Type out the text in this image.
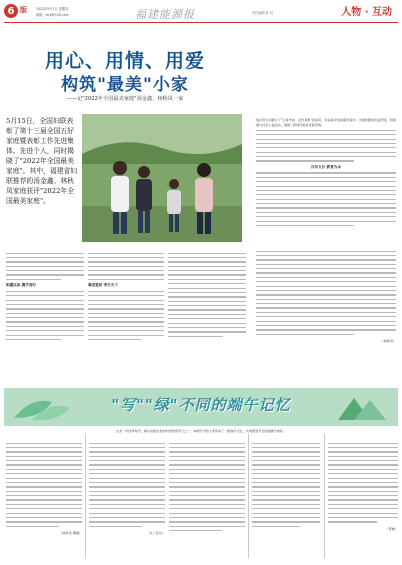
6 版	2022年9月1日 星期四
邮箱：fzrb@126.com	福建能源报	责任编辑 张 仪	人物 · 互动
用心、用情、用爱
构筑"最美"小家
——记"2022年全国最美家庭"汤金鑫、林秋凤一家

5月15日，全国妇联表彰了第十三届全国五好家庭暨表彰工作先进集体、先进个人，同时揭晓了"2022年全国最美家庭"。其中，福建省妇联推荐的汤金鑫、林秋凤家庭获评"2022年全国最美家庭"。

他们用行动践行了"以身作则、言传身教"的家风，在家庭中发扬尊老爱幼、夫妻和睦的优良传统，积极参与社会公益活动，展现了新时代美好家庭风貌。

百年大计 教育为本
相濡以沫 携手同行	尊老爱幼 孝行天下
（林秋凤）
"写""绿"不同的端午记忆
文友一年四季有约，端午是最古老的中国传统节日之一。本期专刊给大家带来了一组端午记忆，共同感受节日的温暖与美好。
（林秋凤 撰稿）	（文 / 张仪）
（陈晓）
